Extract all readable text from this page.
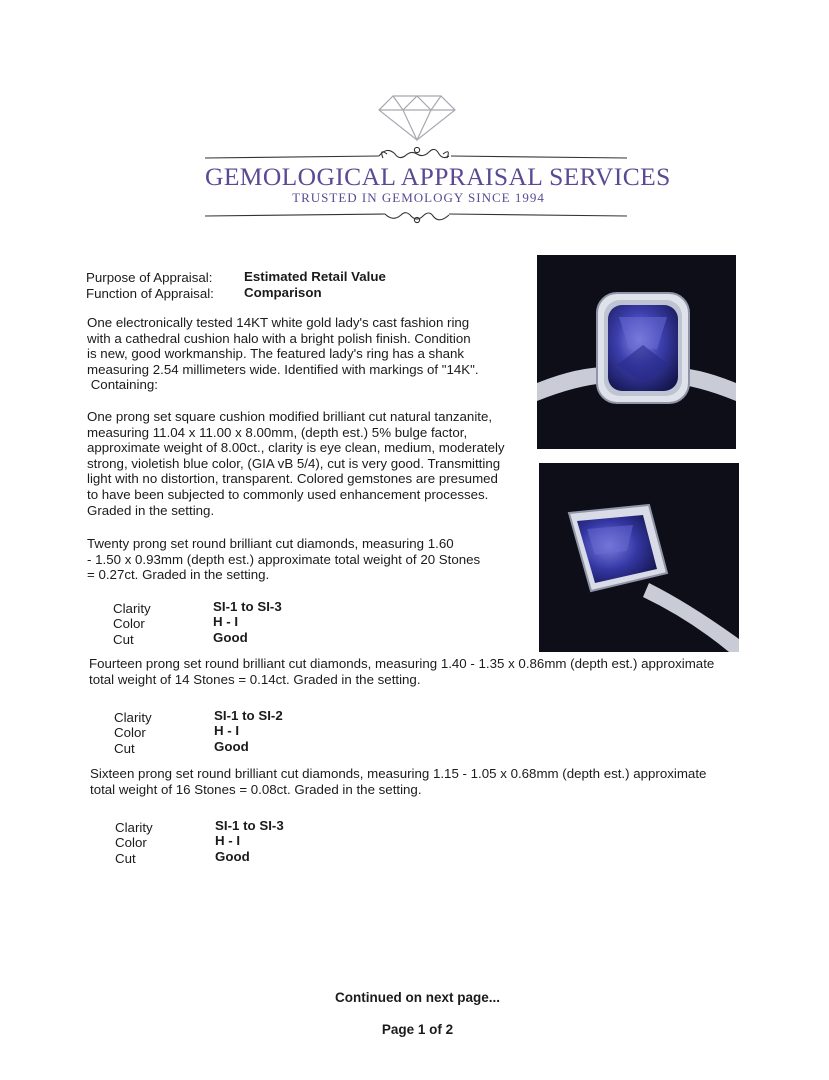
GEMOLOGICAL APPRAISAL SERVICES
TRUSTED IN GEMOLOGY SINCE 1994
Purpose of Appraisal: Estimated Retail Value
Function of Appraisal: Comparison
One electronically tested 14KT white gold lady's cast fashion ring
with a cathedral cushion halo with a bright polish finish. Condition
is new, good workmanship. The featured lady's ring has a shank
measuring 2.54 millimeters wide. Identified with markings of "14K".
Containing:
One prong set square cushion modified brilliant cut natural tanzanite,
measuring 11.04 x 11.00 x 8.00mm, (depth est.) 5% bulge factor,
approximate weight of 8.00ct., clarity is eye clean, medium, moderately
strong, violetish blue color, (GIA vB 5/4), cut is very good. Transmitting
light with no distortion, transparent. Colored gemstones are presumed
to have been subjected to commonly used enhancement processes.
Graded in the setting.
Twenty prong set round brilliant cut diamonds, measuring 1.60
- 1.50 x 0.93mm (depth est.) approximate total weight of 20 Stones
= 0.27ct. Graded in the setting.
Clarity	SI-1 to SI-3
Color	H - I
Cut	Good
Fourteen prong set round brilliant cut diamonds, measuring 1.40 - 1.35 x 0.86mm (depth est.) approximate
total weight of 14 Stones = 0.14ct. Graded in the setting.
Clarity	SI-1 to SI-2
Color	H - I
Cut	Good
Sixteen prong set round brilliant cut diamonds, measuring 1.15 - 1.05 x 0.68mm (depth est.) approximate
total weight of 16 Stones = 0.08ct. Graded in the setting.
Clarity	SI-1 to SI-3
Color	H - I
Cut	Good
Continued on next page...
Page 1 of 2
